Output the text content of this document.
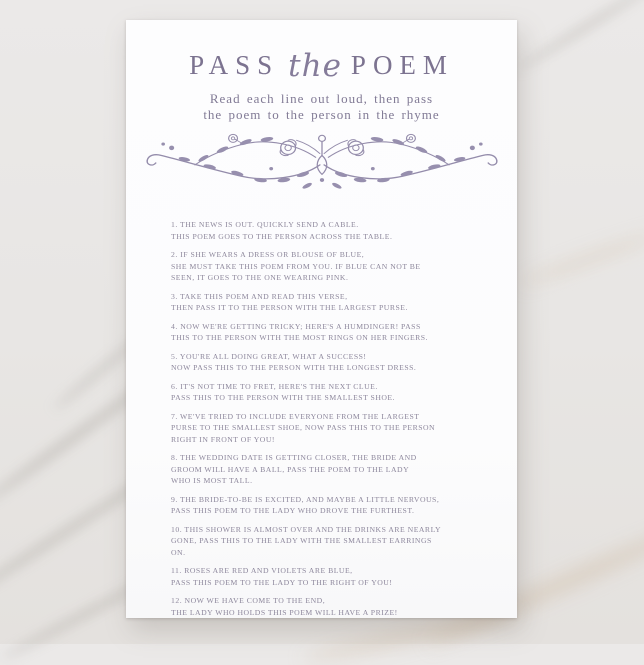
PASS the POEM
Read each line out loud, then pass
the poem to the person in the rhyme
1. THE NEWS IS OUT. QUICKLY SEND A CABLE.
THIS POEM GOES TO THE PERSON ACROSS THE TABLE.
2. IF SHE WEARS A DRESS OR BLOUSE OF BLUE,
SHE MUST TAKE THIS POEM FROM YOU. IF BLUE CAN NOT BE
SEEN, IT GOES TO THE ONE WEARING PINK.
3. TAKE THIS POEM AND READ THIS VERSE,
THEN PASS IT TO THE PERSON WITH THE LARGEST PURSE.
4. NOW WE'RE GETTING TRICKY; HERE'S A HUMDINGER! PASS
THIS TO THE PERSON WITH THE MOST RINGS ON HER FINGERS.
5. YOU'RE ALL DOING GREAT, WHAT A SUCCESS!
NOW PASS THIS TO THE PERSON WITH THE LONGEST DRESS.
6. IT'S NOT TIME TO FRET, HERE'S THE NEXT CLUE.
PASS THIS TO THE PERSON WITH THE SMALLEST SHOE.
7. WE'VE TRIED TO INCLUDE EVERYONE FROM THE LARGEST
PURSE TO THE SMALLEST SHOE, NOW PASS THIS TO THE PERSON
RIGHT IN FRONT OF YOU!
8. THE WEDDING DATE IS GETTING CLOSER, THE BRIDE AND
GROOM WILL HAVE A BALL, PASS THE POEM TO THE LADY
WHO IS MOST TALL.
9. THE BRIDE-TO-BE IS EXCITED, AND MAYBE A LITTLE NERVOUS,
PASS THIS POEM TO THE LADY WHO DROVE THE FURTHEST.
10. THIS SHOWER IS ALMOST OVER AND THE DRINKS ARE NEARLY
GONE, PASS THIS TO THE LADY WITH THE SMALLEST EARRINGS
ON.
11. ROSES ARE RED AND VIOLETS ARE BLUE,
PASS THIS POEM TO THE LADY TO THE RIGHT OF YOU!
12. NOW WE HAVE COME TO THE END,
THE LADY WHO HOLDS THIS POEM WILL HAVE A PRIZE!
